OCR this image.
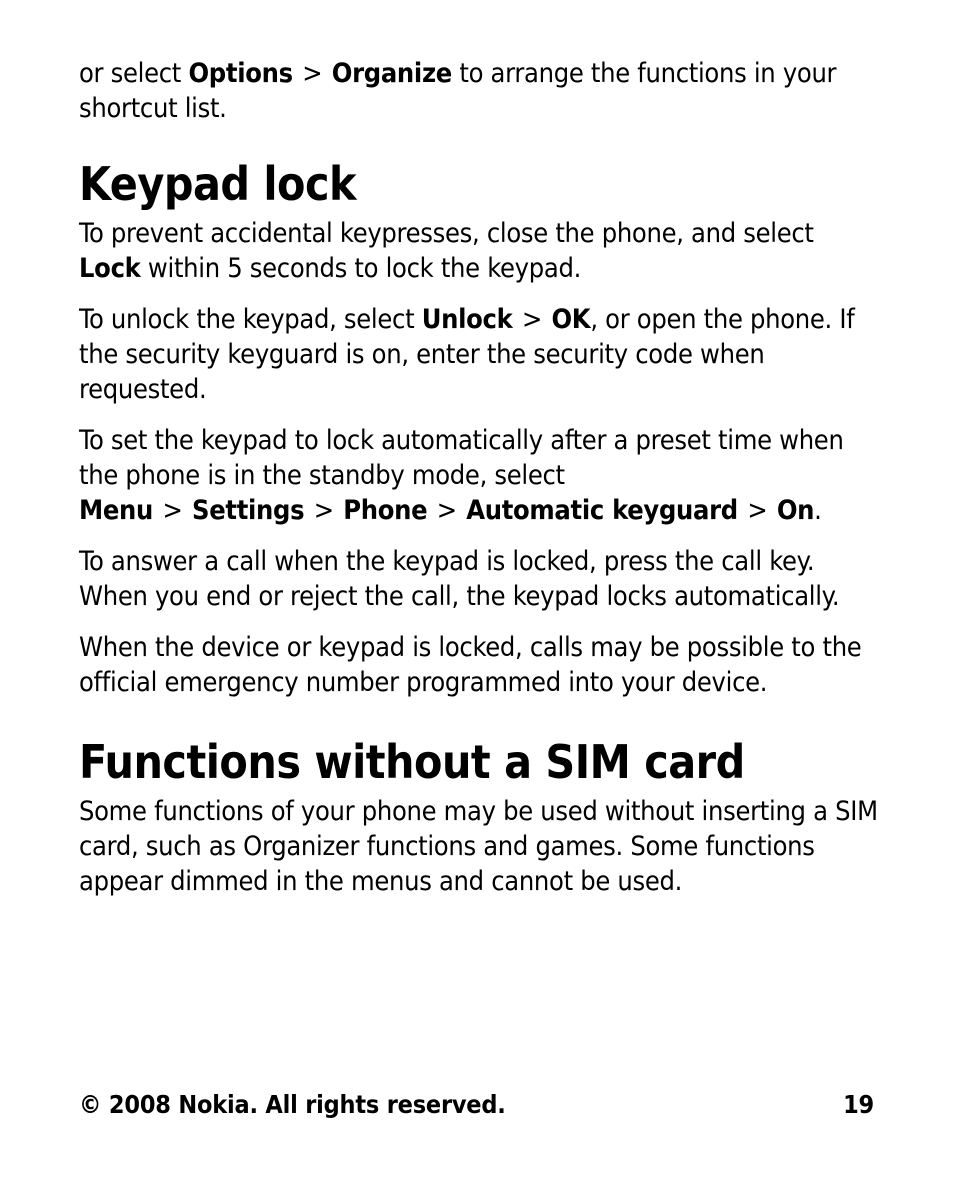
or select Options > Organize to arrange the functions in your shortcut list.

Keypad lock

To prevent accidental keypresses, close the phone, and select Lock within 5 seconds to lock the keypad.

To unlock the keypad, select Unlock > OK, or open the phone. If the security keyguard is on, enter the security code when requested.

To set the keypad to lock automatically after a preset time when the phone is in the standby mode, select Menu > Settings > Phone > Automatic keyguard > On.

To answer a call when the keypad is locked, press the call key. When you end or reject the call, the keypad locks automatically.

When the device or keypad is locked, calls may be possible to the official emergency number programmed into your device.

Functions without a SIM card

Some functions of your phone may be used without inserting a SIM card, such as Organizer functions and games. Some functions appear dimmed in the menus and cannot be used.

© 2008 Nokia. All rights reserved.	19
